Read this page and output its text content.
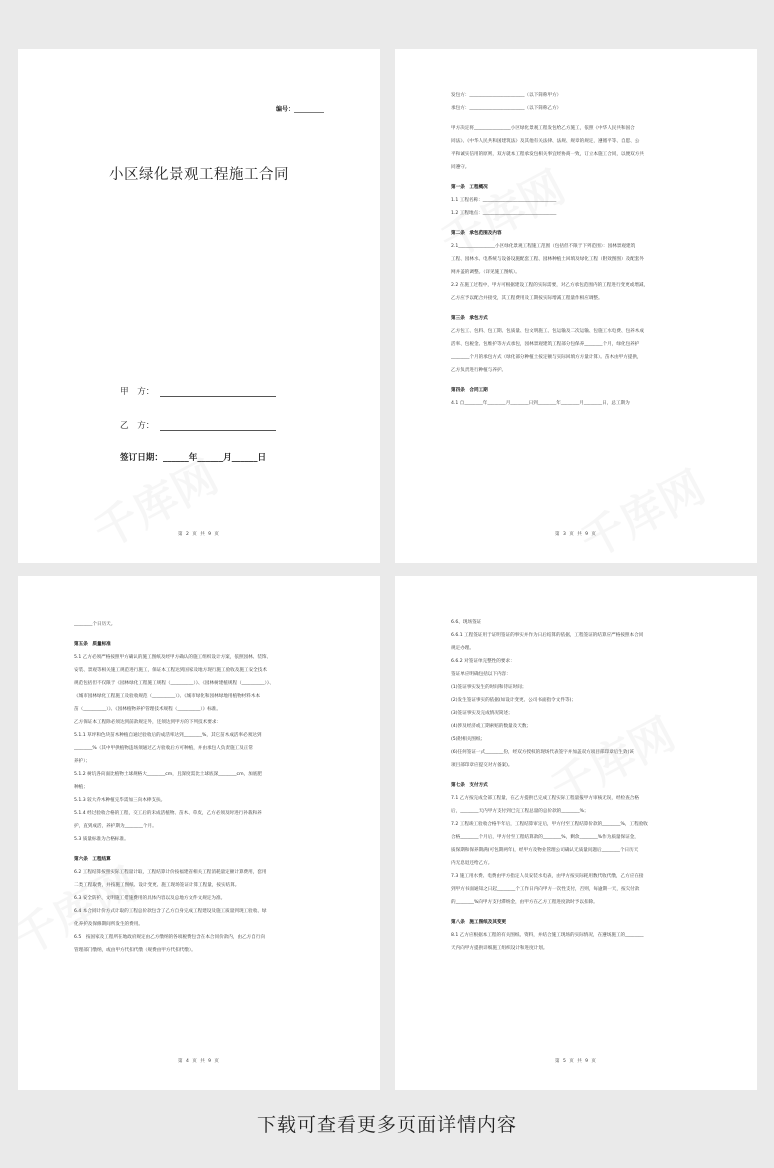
编号：__________
小区绿化景观工程施工合同
甲　方：
乙　方：
签订日期：______年______月______日
第 2 页 共 9 页

发包方：________________________（以下简称甲方）

承包方：________________________（以下简称乙方）

甲方决定将________________小区绿化景观工程发包给乙方施工，依照《中华人民共和国合

同法》、《中华人民共和国建筑法》及其他有关法律、法规、规章的规定，遵循平等、自愿、公

平和诚实信用的原则，双方就本工程承发包相关事宜经协商一致，订立本施工合同，以便双方共

同遵守。

第一条　工程概况

1.1 工程名称：________________________________

1.2 工程地点：________________________________

第二条　承包范围及内容

2.1________________小区绿化景观工程施工范围（包括但不限于下列范围）：园林景观建筑

工程、园林水、电系统与设备设施配套工程、园林种植土回填及绿化工程（附效图图）及配套外

网并盖的调整。（详见施工图纸）。

2.2 在施工过程中，甲方可根据建设工程的实际需要，对乙方承包范围内的工程进行变更或增减，

乙方应予以配合并接受，其工程费用及工期按实际增减工程量作相应调整。

第三条　承包方式

乙方包工、包料、包工期、包质量、包文明施工、包运输及二次运输、包施工水电费、包养木成

活率、包税金、包维护等方式承包，园林景观建筑工程部分包保养________个月，绿化包养护

________个月的承包方式（绿化部分种植土按定额与实际回填方方量计算）。苗木由甲方提供，

乙方负责进行种植与养护。

第四条　合同工期

4.1 自________年________月________日到________年________月________日，总工期为

第 3 页 共 9 页

________个日历天。

第五条　质量标准

5.1 乙方必须严格按照甲方确认的施工图纸及经甲方确认的施工组织设计方案，依照园林、装饰、

安装、景观等相关施工规范进行施工，保证本工程达到国家及地方现行施工验收及施工安全技术

规范包括但不仅限于《园林绿化工程施工规程（__________）》、《园林树建植规程（__________）》、

《城市园林绿化工程施工及验收规范（__________）》、《城市绿化和园林绿地用植物材料木本

苗（__________）》、《园林植物养护管理技术规程（__________）》标准。

乙方保证本工程除必须达到前款规定外，还须达到甲方的下列技术要求：

5.1.1 草坪和色块苗木种植自通过验收后的成活率达到________%，其它苗木成活率必须达到

________%（其中甲供植物违场须通过乙方验收后方可种植，并由承包人负责施工及正常

养护）；

5.1.2 树坑各向面比植物土球规格大________cm，且深度需比土球底深________cm，加底肥

种植；

5.1.3 较大乔木种植完毕需加三向木棒支扶。

5.1.4 经过验收合格的工程，交工后的未成活植物、苗木、草皮，乙方必须及时进行补栽和养

护，直到成活，养护期为________个月。

5.3 质量标准为合格标准。

第六条　工程结算

6.2 工程结算按照实际工程量计取，工程结算计价按福建省相关工程消耗量定额计算费用，套用

二类工程取费，并按施工图纸、设计变更、施工现场签证计算工程量，按实结算。

6.3 安全防护、文明施工措施费用的具体内容以及总地方文件文规定为准。

6.4 本合同计价方式计取的工程总价款包含了乙方自身完成工程建设及施工质量到现工验收、绿

化养护及保修期间所发生的费用。

6.5　按国家及工程所在地政府规定由乙方缴纳的各项税费包含在本合同价款内，由乙方自行向

管理部门缴纳，或由甲方代扣代缴（规费由甲方代扣代缴）。

第 4 页 共 9 页

6.6、现场签证

6.6.1 工程签证用于证明签证的事实并作为日后结算的依据，工程签证的结算应严格按照本合同

规定办理。

6.6.2 对签证单完整性的要求：

签证单应明确包括以下内容：

(1)签证事实发生的时间和待证时间；

(2)发生签证事实的依据(如设计变更、公司书面指令文件等)；

(3)签证事实及完成情况简述；

(4)涉及经济或工期索赔的数量及天数；

(5)附相关图纸；

(6)任何签证一式________份，经双方授权的现场代表签字并加盖双方项目部印章后生效(该

项目部印章应提交对方备案)。

第七条　支付方式

7.1 乙方按完成全部工程量，在乙方提供已完成工程实际工程量报甲方审核无误，经检查合格

后，________天内甲方支付到已完工程总量的总价款的________%；

7.2 工程竣工验收合格半年后，工程结算审定后，甲方付至工程结算价款的________%，工程验收

合格________个月后，甲方付至工程结算款的________%，剩余________%作为质量保证金，

质保期和保养期满(可包期两年)，经甲方及物业管理公司确认无质量问题后________个日历天

内无息退还给乙方。

7.3 施工用水费、电费由甲方指定人员安装水电表，由甲方按实际耗用数代收代缴，乙方应在接

到甲方书面通知之日起________个工作日内向甲方一次性支付，否则，每逾期一天，按欠付款

的________%向甲方支付滞纳金，由甲方在乙方工程进度款时予以扣除。

第八条　施工图纸及其变更

8.1 乙方应根据本工程的有关图纸、资料，并结合施工现场的实际情况，在遵场施工的________

天内向甲方提供详细施工组织设计和进度计划。

第 5 页 共 9 页
下载可查看更多页面详情内容
